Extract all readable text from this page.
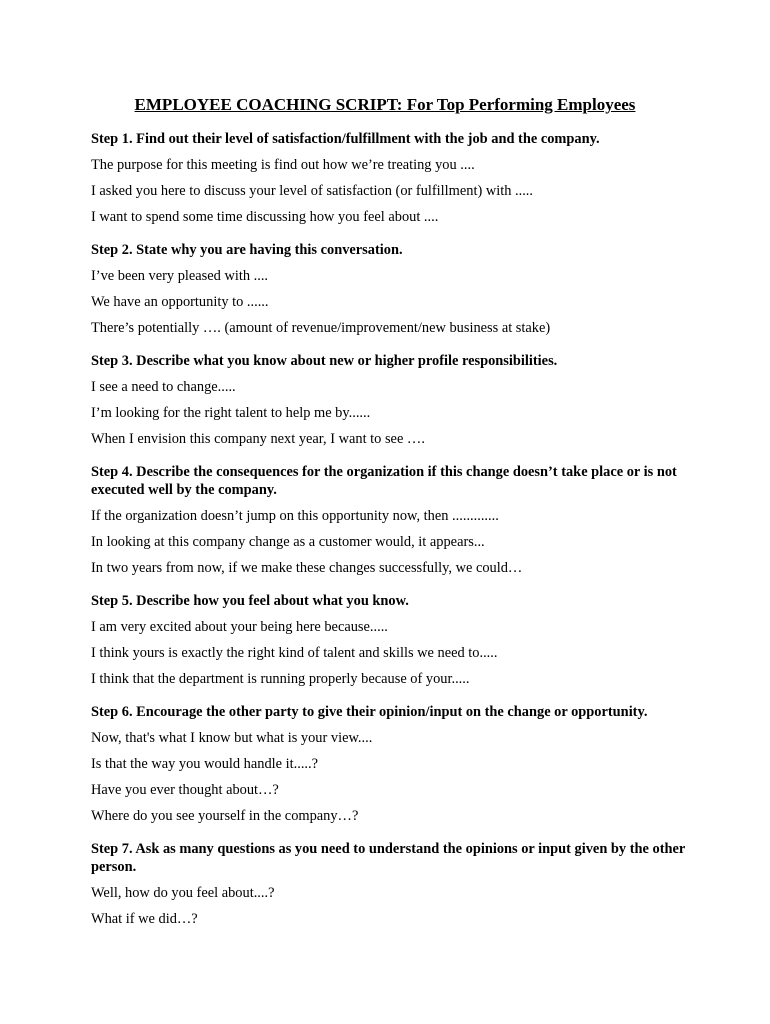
EMPLOYEE COACHING SCRIPT: For Top Performing Employees

Step 1. Find out their level of satisfaction/fulfillment with the job and the company.

The purpose for this meeting is find out how we’re treating you ....

I asked you here to discuss your level of satisfaction (or fulfillment) with .....

I want to spend some time discussing how you feel about ....

Step 2. State why you are having this conversation.

I’ve been very pleased with ....

We have an opportunity to ......

There’s potentially …. (amount of revenue/improvement/new business at stake)

Step 3. Describe what you know about new or higher profile responsibilities.

I see a need to change.....

I’m looking for the right talent to help me by......

When I envision this company next year, I want to see ….

Step 4. Describe the consequences for the organization if this change doesn’t take place or is not executed well by the company.

If the organization doesn’t jump on this opportunity now, then .............

In looking at this company change as a customer would, it appears...

In two years from now, if we make these changes successfully, we could…

Step 5. Describe how you feel about what you know.

I am very excited about your being here because.....

I think yours is exactly the right kind of talent and skills we need to.....

I think that the department is running properly because of your.....

Step 6. Encourage the other party to give their opinion/input on the change or opportunity.

Now, that's what I know but what is your view....

Is that the way you would handle it.....?

Have you ever thought about…?

Where do you see yourself in the company…?

Step 7. Ask as many questions as you need to understand the opinions or input given by the other person.

Well, how do you feel about....?

What if we did…?
